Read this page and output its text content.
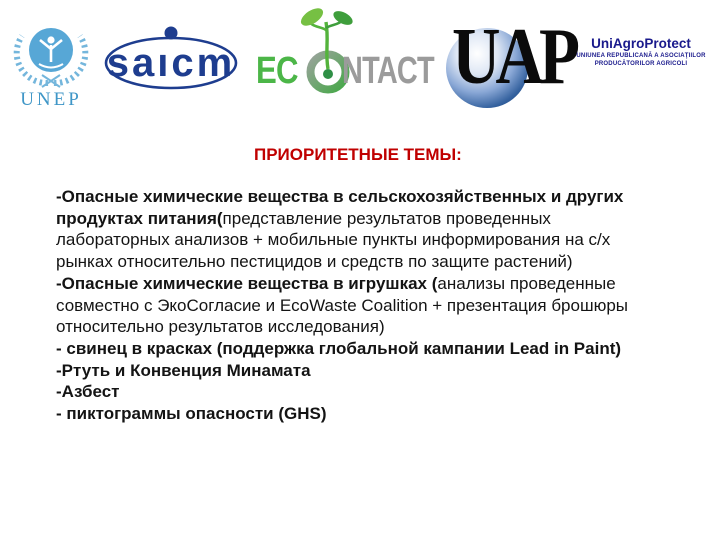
UNEP
saıcm EC NTACT UAP	UniAgroProtect
UNIUNEA REPUBLICANĂ A ASOCIAŢIILOR
PRODUCĂTORILOR AGRICOLI
ПРИОРИТЕТНЫЕ ТЕМЫ:
-Опасные химические вещества в сельскохозяйственных и других
продуктах питания(представление результатов проведенных
лабораторных анализов + мобильные пункты информирования на с/х
рынках относительно пестицидов и средств по защите растений)
-Опасные химические вещества в игрушках (анализы проведенные
совместно с ЭкоСогласие и EcoWaste Coalition + презентация брошюры
относительно результатов исследования)
- свинец в красках (поддержка глобальной кампании Lead in Paint)
-Ртуть и Конвенция Минамата
-Азбест
- пиктограммы опасности (GHS)
